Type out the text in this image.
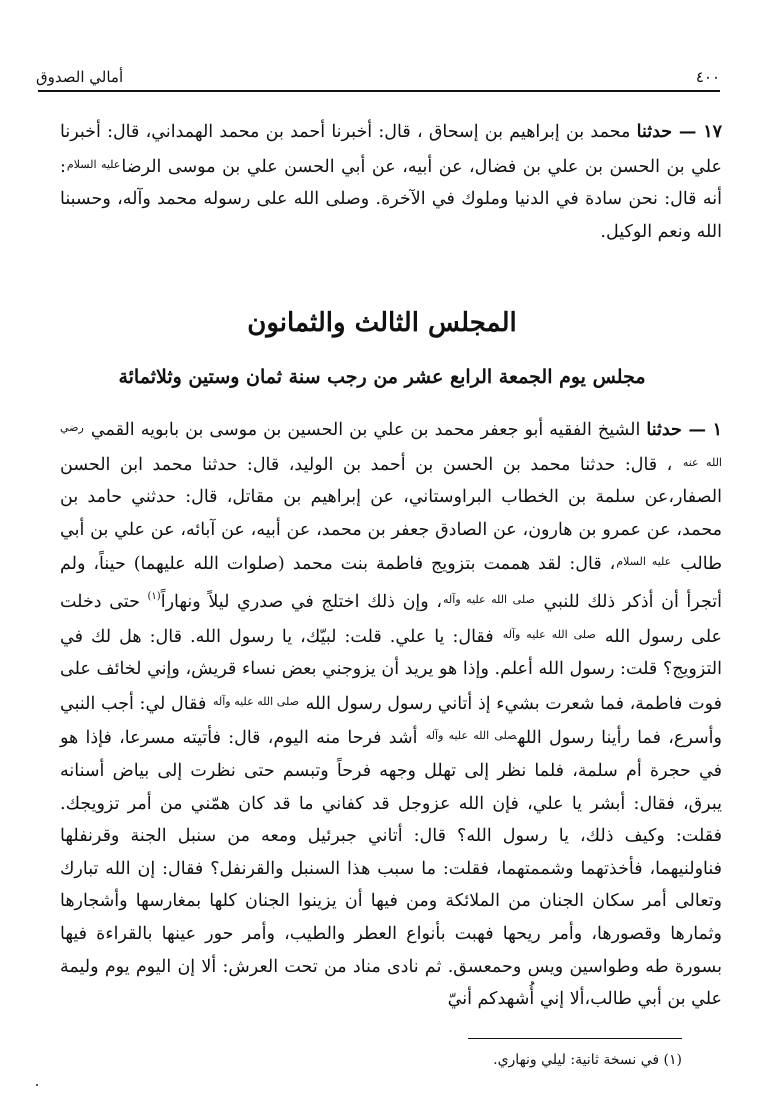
٤٠٠
أمالي الصدوق

١٧ — حدثنا محمد بن إبراهيم بن إسحاق ، قال: أخبرنا أحمد بن محمد الهمداني، قال: أخبرنا علي بن الحسن بن علي بن فضال، عن أبيه، عن أبي الحسن علي بن موسى الرضا$^{عليه السلام}$: أنه قال: نحن سادة في الدنيا وملوك في الآخرة. وصلى الله على رسوله محمد وآله، وحسبنا الله ونعم الوكيل.

المجلس الثالث والثمانون
مجلس يوم الجمعة الرابع عشر من رجب سنة ثمان وستين وثلاثمائة

١ — حدثنا الشيخ الفقيه أبو جعفر محمد بن علي بن الحسين بن موسى بن بابويه القمي $^{رضي الله عنه}$ ، قال: حدثنا محمد بن الحسن بن أحمد بن الوليد، قال: حدثنا محمد ابن الحسن الصفار،عن سلمة بن الخطاب البراوستاني، عن إبراهيم بن مقاتل، قال: حدثني حامد بن محمد، عن عمرو بن هارون، عن الصادق جعفر بن محمد، عن أبيه، عن آبائه، عن علي بن أبي طالب $^{عليه السلام}$، قال: لقد هممت بتزويج فاطمة بنت محمد (صلوات الله عليهما) حيناً، ولم أتجرأ أن أذكر ذلك للنبي $^{صلى الله عليه وآله}$، وإن ذلك اختلج في صدري ليلاً ونهاراً$^{(١)}$ حتى دخلت على رسول الله $^{صلى الله عليه وآله}$ فقال: يا علي. قلت: لبيّك، يا رسول الله. قال: هل لك في التزويج؟ قلت: رسول الله أعلم. وإذا هو يريد أن يزوجني بعض نساء قريش، وإني لخائف على فوت فاطمة، فما شعرت بشيء إذ أتاني رسول رسول الله $^{صلى الله عليه وآله}$ فقال لي: أجب النبي وأسرع، فما رأينا رسول الله$^{صلى الله عليه وآله}$ أشد فرحا منه اليوم، قال: فأتيته مسرعا، فإذا هو في حجرة أم سلمة، فلما نظر إلى تهلل وجهه فرحاً وتبسم حتى نظرت إلى بياض أسنانه يبرق، فقال: أبشر يا علي، فإن الله عزوجل قد كفاني ما قد كان همّني من أمر تزويجك. فقلت: وكيف ذلك، يا رسول الله؟ قال: أتاني جبرئيل ومعه من سنبل الجنة وقرنفلها فناولنيهما، فأخذتهما وشممتهما، فقلت: ما سبب هذا السنبل والقرنفل؟ فقال: إن الله تبارك وتعالى أمر سكان الجنان من الملائكة ومن فيها أن يزينوا الجنان كلها بمغارسها وأشجارها وثمارها وقصورها، وأمر ريحها فهبت بأنواع العطر والطيب، وأمر حور عينها بالقراءة فيها بسورة طه وطواسين ويس وحمعسق. ثم نادى مناد من تحت العرش: ألا إن اليوم يوم وليمة علي بن أبي طالب،ألا إني أُشهدكم أنيّ

(١) في نسخة ثانية: ليلي ونهاري.
